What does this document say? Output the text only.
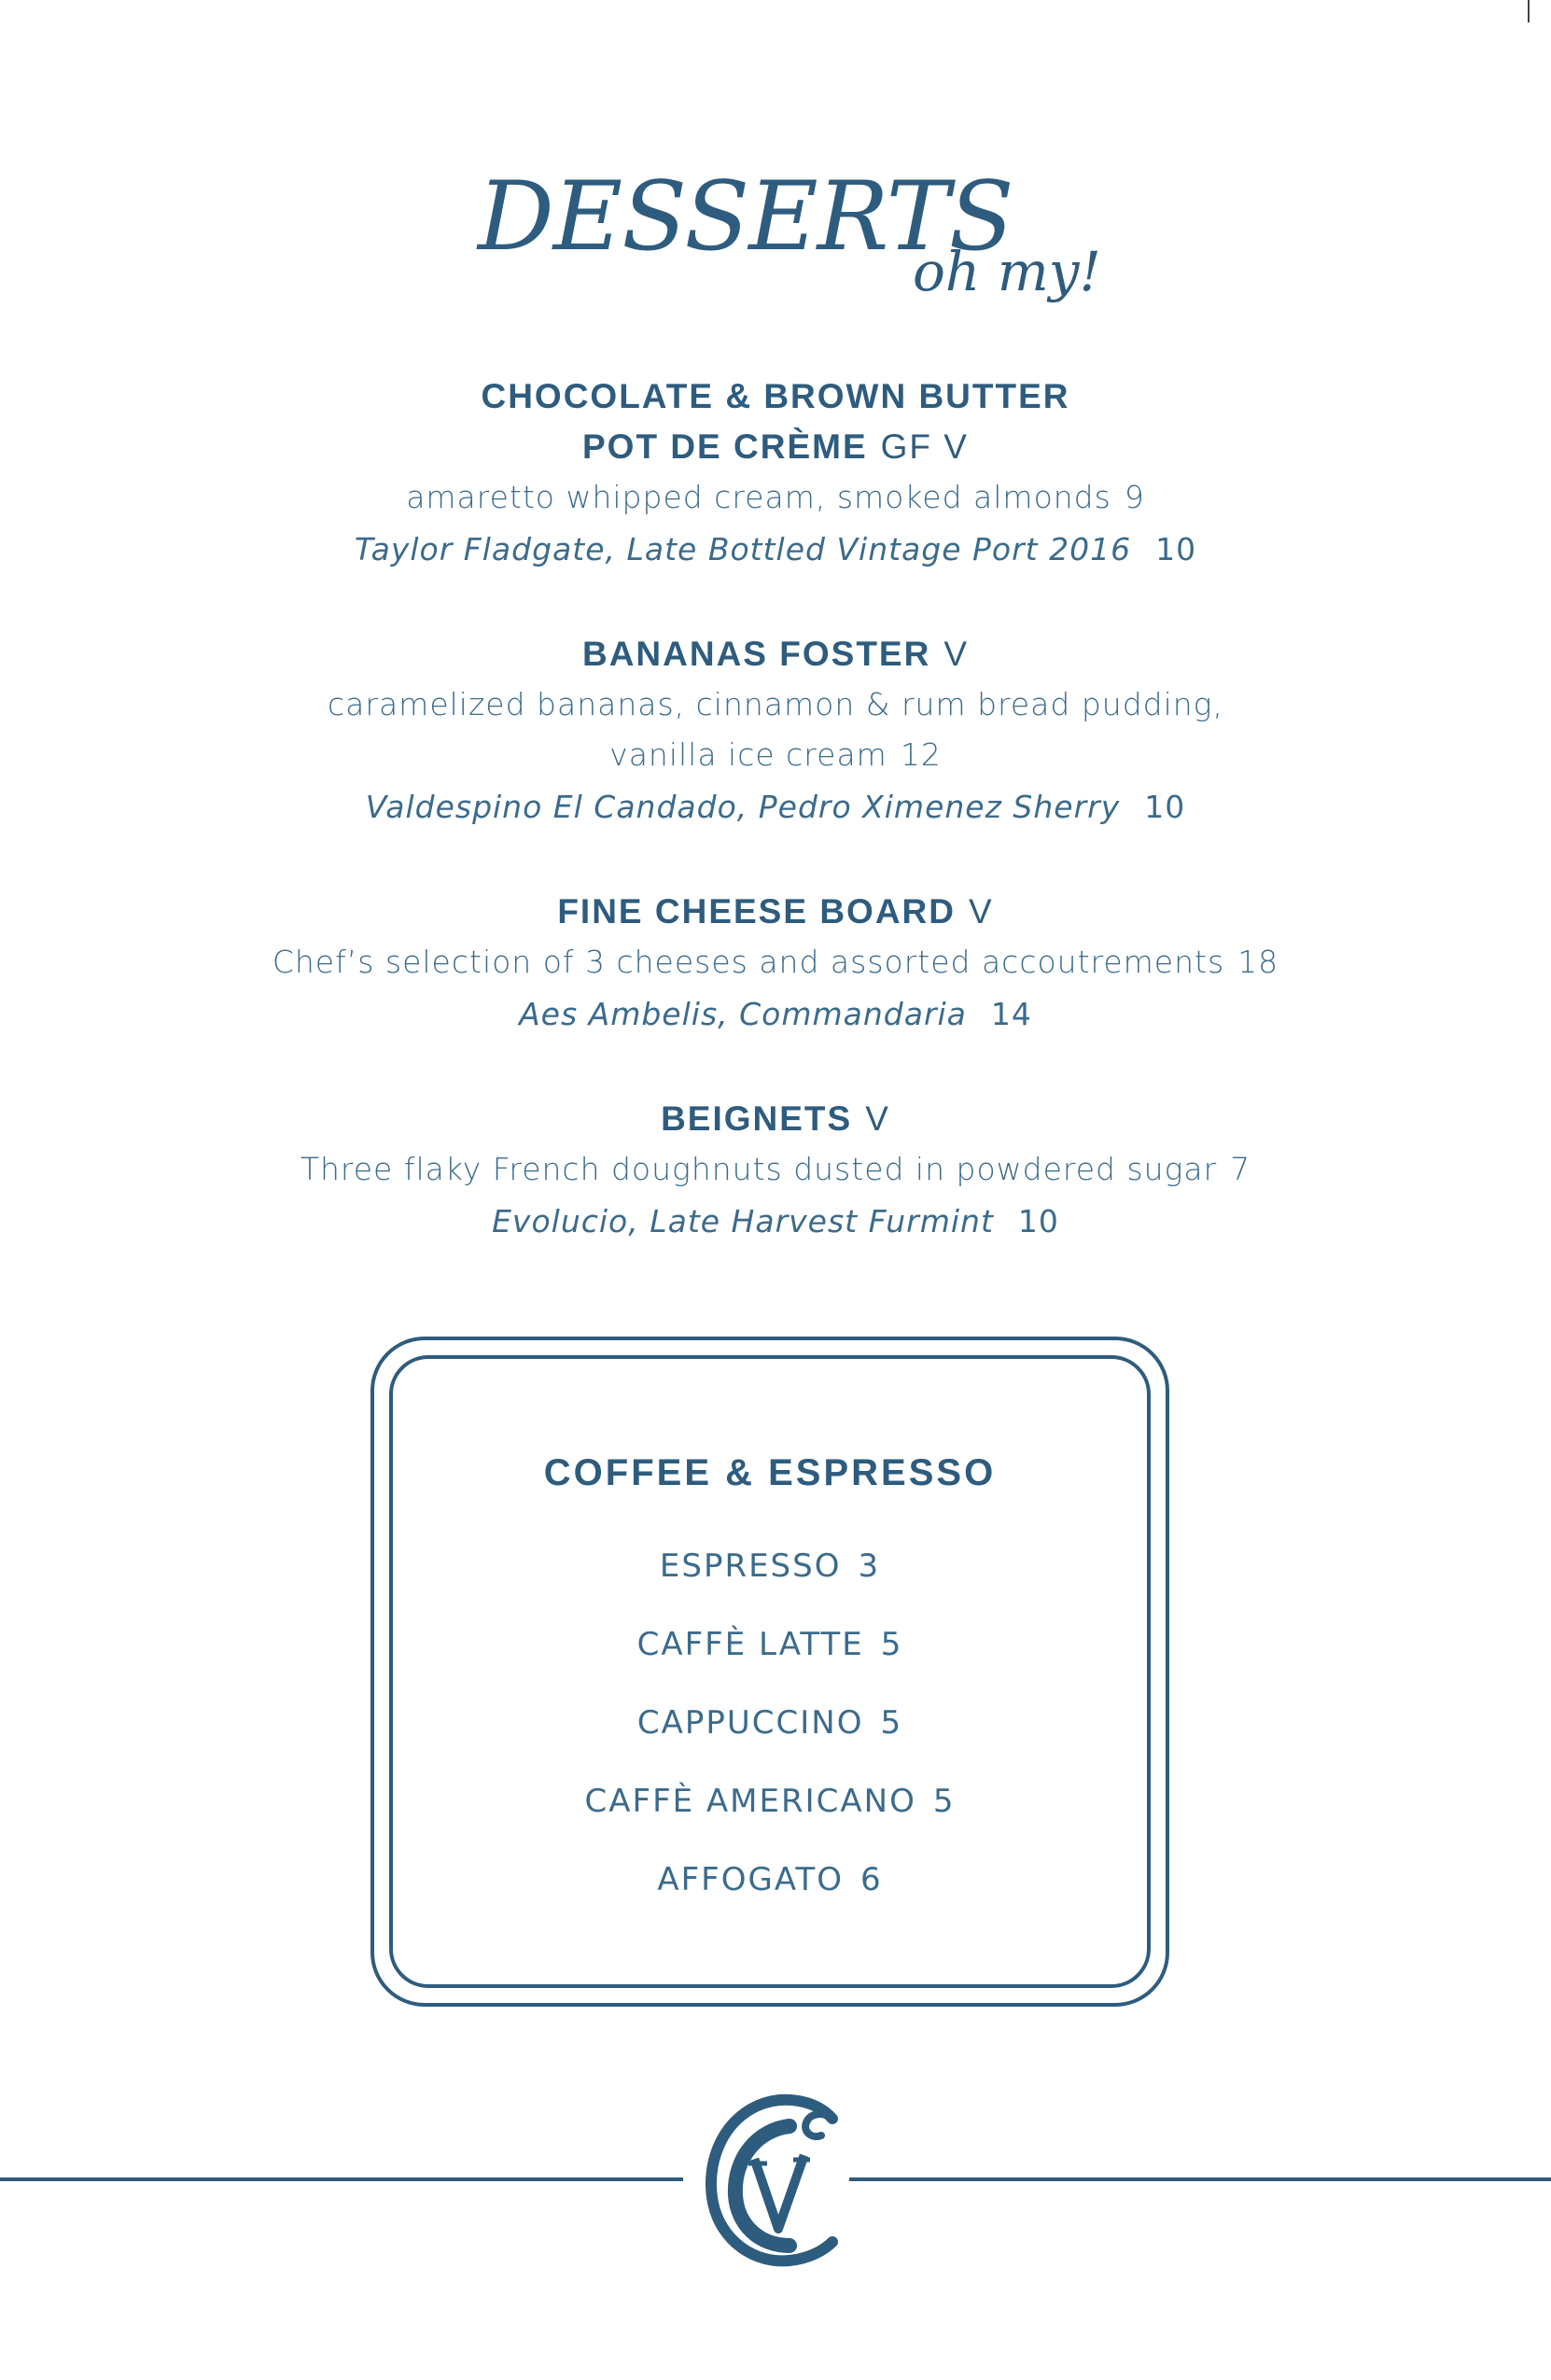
DESSERTS
oh my!
CHOCOLATE & BROWN BUTTER
POT DE CRÈME GF V
amaretto whipped cream, smoked almonds 9
Taylor Fladgate, Late Bottled Vintage Port 2016 10
BANANAS FOSTER V
caramelized bananas, cinnamon & rum bread pudding,
vanilla ice cream 12
Valdespino El Candado, Pedro Ximenez Sherry 10
FINE CHEESE BOARD V
Chef’s selection of 3 cheeses and assorted accoutrements 18
Aes Ambelis, Commandaria 14
BEIGNETS V
Three flaky French doughnuts dusted in powdered sugar 7
Evolucio, Late Harvest Furmint 10
COFFEE & ESPRESSO
ESPRESSO 3
CAFFÈ LATTE 5
CAPPUCCINO 5
CAFFÈ AMERICANO 5
AFFOGATO 6
